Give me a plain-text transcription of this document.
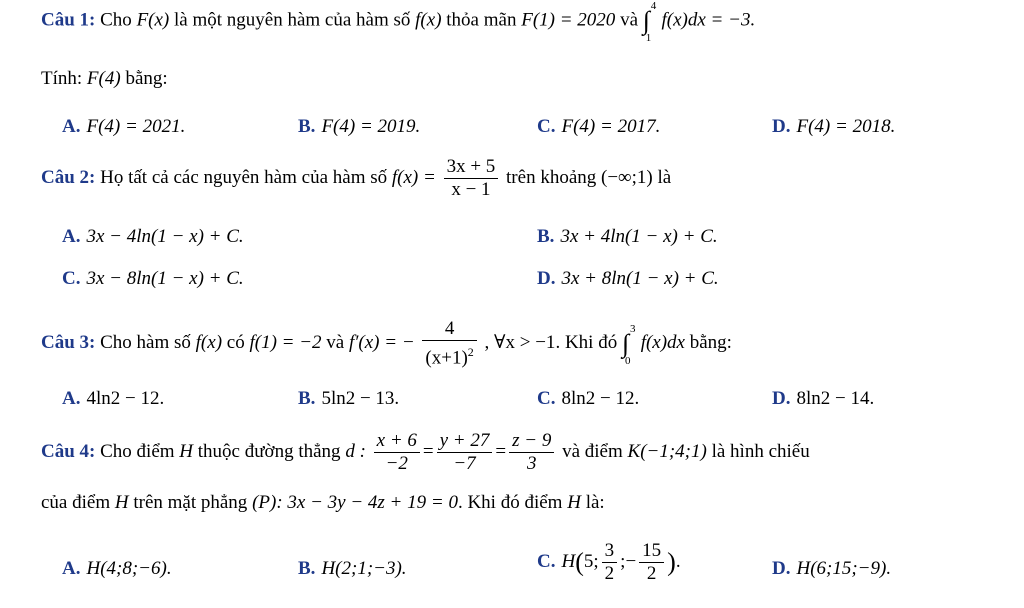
Câu 1: Cho F(x) là một nguyên hàm của hàm số f(x) thỏa mãn F(1) = 2020 và ∫ 4
1
f(x)dx = −3.
Tính: F(4) bằng:
A. F(4) = 2021.	B. F(4) = 2019.	C. F(4) = 2017.	D. F(4) = 2018.
Câu 2: Họ tất cả các nguyên hàm của hàm số $f(x) = \frac{3x + 5}{x - 1}$ trên khoảng (−∞;1) là
A. 3x − 4ln(1 − x) + C.	B. 3x + 4ln(1 − x) + C.
C. 3x − 8ln(1 − x) + C.	D. 3x + 8ln(1 − x) + C.
Câu 3: Cho hàm số f(x) có f(1) = −2 và f′(x) = − $\frac{4}{(x+1)^2}$ , ∀x > −1. Khi đó ∫ 3
0
f(x)dx bằng:
A. 4ln2 − 12.	B. 5ln2 − 13.	C. 8ln2 − 12.	D. 8ln2 − 14.
Câu 4: Cho điểm H thuộc đường thẳng d : $\frac{x + 6}{-2} = \frac{y + 27}{-7} = \frac{z - 9}{3}$ và điểm K(−1;4;1) là hình chiếu
của điểm H trên mặt phẳng (P): 3x − 3y − 4z + 19 = 0. Khi đó điểm H là:
A. H(4;8;−6).	B. H(2;1;−3).	C. H(5; $\frac{3}{2}$ ;− $\frac{15}{2}$ ).	D. H(6;15;−9).
